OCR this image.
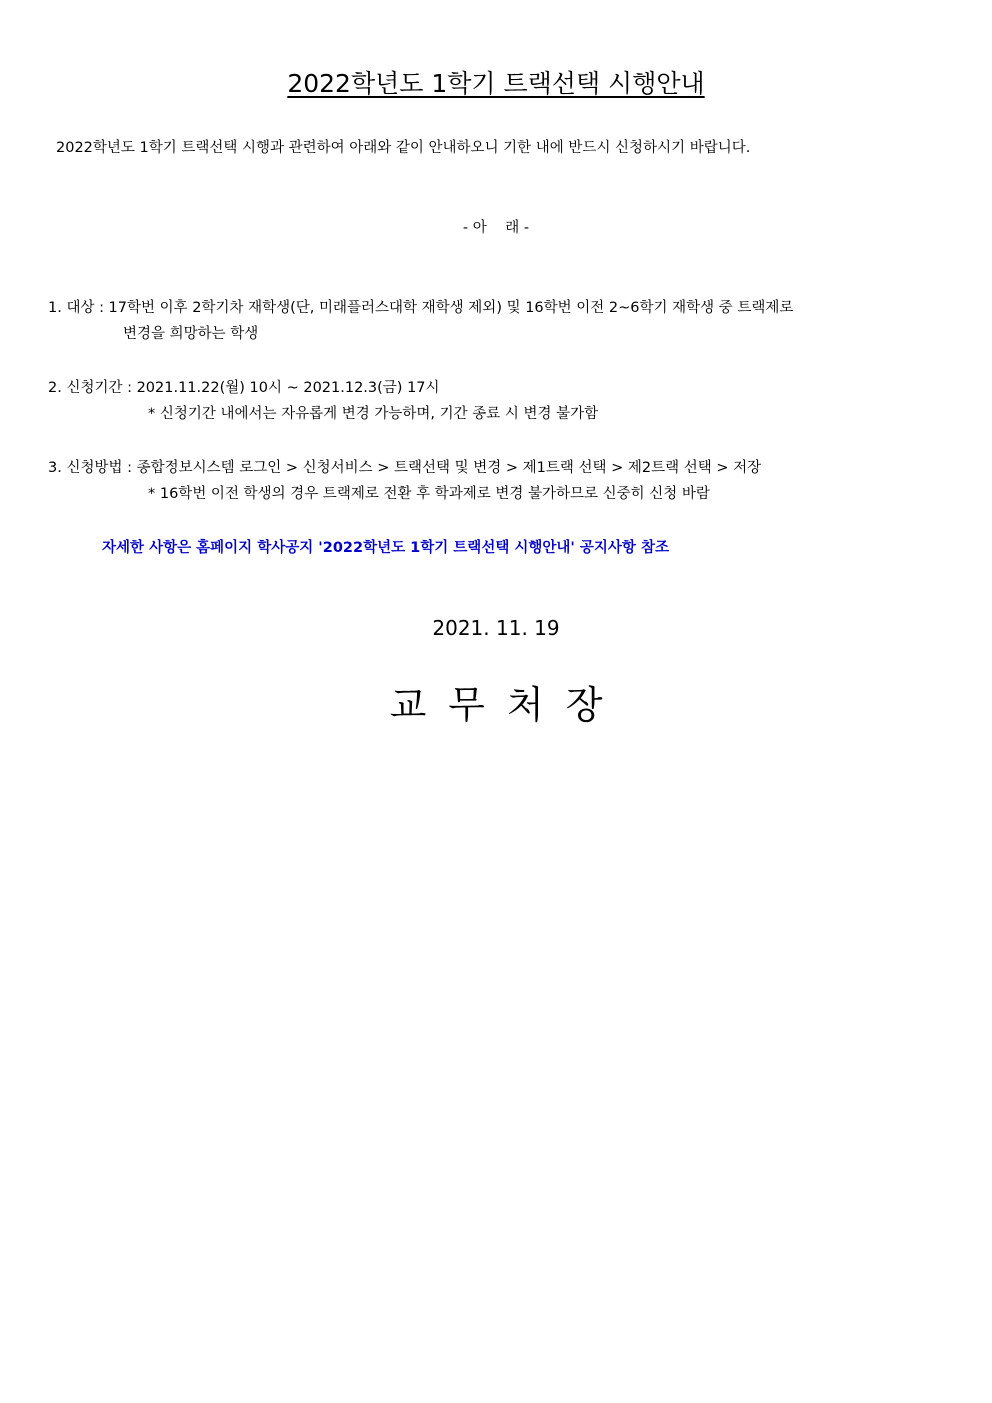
2022학년도 1학기 트랙선택 시행안내
2022학년도 1학기 트랙선택 시행과 관련하여 아래와 같이 안내하오니 기한 내에 반드시 신청하시기 바랍니다.
- 아    래 -
1. 대상 : 17학번 이후 2학기차 재학생(단, 미래플러스대학 재학생 제외) 및 16학번 이전 2~6학기 재학생 중 트랙제로
변경을 희망하는 학생
2. 신청기간 : 2021.11.22(월) 10시 ~ 2021.12.3(금) 17시
* 신청기간 내에서는 자유롭게 변경 가능하며, 기간 종료 시 변경 불가함
3. 신청방법 : 종합정보시스템 로그인 > 신청서비스 > 트랙선택 및 변경 > 제1트랙 선택 > 제2트랙 선택 > 저장
* 16학번 이전 학생의 경우 트랙제로 전환 후 학과제로 변경 불가하므로 신중히 신청 바람
자세한 사항은 홈페이지 학사공지 '2022학년도 1학기 트랙선택 시행안내' 공지사항 참조
2021. 11. 19
교무처장
